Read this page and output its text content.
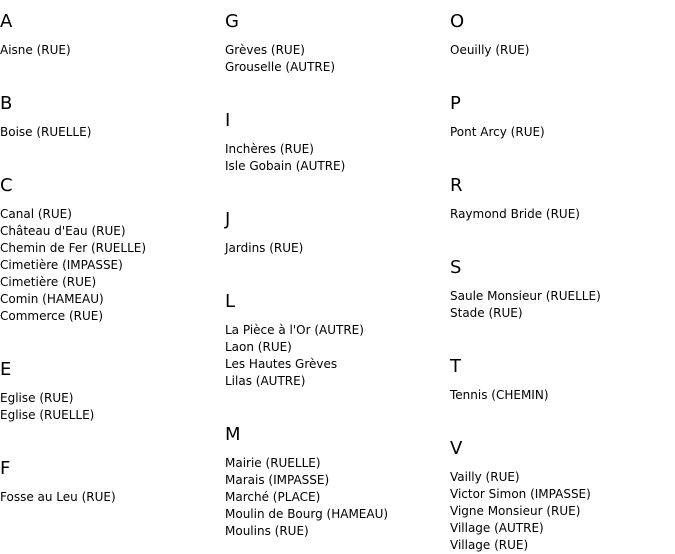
A
Aisne (RUE)
B
Boise (RUELLE)
C
Canal (RUE)
Château d'Eau (RUE)
Chemin de Fer (RUELLE)
Cimetière (IMPASSE)
Cimetière (RUE)
Comin (HAMEAU)
Commerce (RUE)
E
Eglise (RUE)
Eglise (RUELLE)
F
Fosse au Leu (RUE)
G
Grèves (RUE)
Grouselle (AUTRE)
I
Inchères (RUE)
Isle Gobain (AUTRE)
J
Jardins (RUE)
L
La Pièce à l'Or (AUTRE)
Laon (RUE)
Les Hautes Grèves
Lilas (AUTRE)
M
Mairie (RUELLE)
Marais (IMPASSE)
Marché (PLACE)
Moulin de Bourg (HAMEAU)
Moulins (RUE)
O
Oeuilly (RUE)
P
Pont Arcy (RUE)
R
Raymond Bride (RUE)
S
Saule Monsieur (RUELLE)
Stade (RUE)
T
Tennis (CHEMIN)
V
Vailly (RUE)
Victor Simon (IMPASSE)
Vigne Monsieur (RUE)
Village (AUTRE)
Village (RUE)
